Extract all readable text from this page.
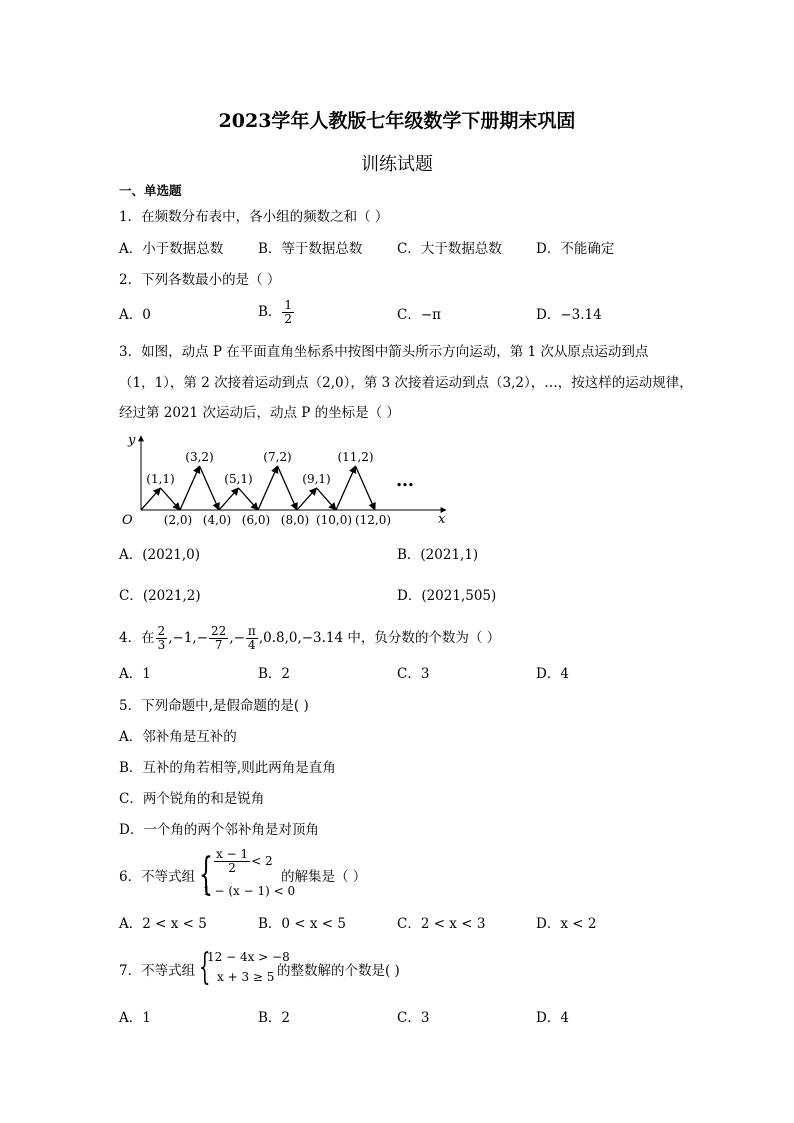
2023学年人教版七年级数学下册期末巩固
训练试题
一、单选题
1．在频数分布表中，各小组的频数之和（ ）
A．小于数据总数	B．等于数据总数	C．大于数据总数	D．不能确定
2．下列各数最小的是（ ）
A．0	B． $\frac{1}{2}$	C．−π	D．−3.14
3．如图，动点 P 在平面直角坐标系中按图中箭头所示方向运动，第 1 次从原点运动到点
（1，1），第 2 次接着运动到点（2,0），第 3 次接着运动到点（3,2），…，按这样的运动规律，
经过第 2021 次运动后，动点 P 的坐标是（ ）
y
x
O
…
(1,1)
(3,2)
(5,1)
(7,2)
(9,1)
(11,2)
(2,0) (4,0) (6,0) (8,0) (10,0) (12,0)
A．(2021,0)	B．(2021,1)
C．(2021,2)	D．(2021,505)
4．在 $\frac{2}{3} ,-1,- \frac{22}{7}$ ,− $\frac{\pi}{4}$ ,0.8̇,0,−3.14 中，负分数的个数为（ ）
A．1	B．2	C．3	D．4
5．下列命题中,是假命题的是( )
A．邻补角是互补的
B．互补的角若相等,则此两角是直角
C．两个锐角的和是锐角
D．一个角的两个邻补角是对顶角
6．不等式组 { $\frac{x - 1}{2} < 2$
1 − (x − 1) < 0
的解集是（ ）
A．2 < x < 5	B．0 < x < 5	C．2 < x < 3	D．x < 2
7．不等式组 {
12 − 4x > −8
x + 3 ≥ 5 的整数解的个数是( )
A．1	B．2	C．3	D．4
